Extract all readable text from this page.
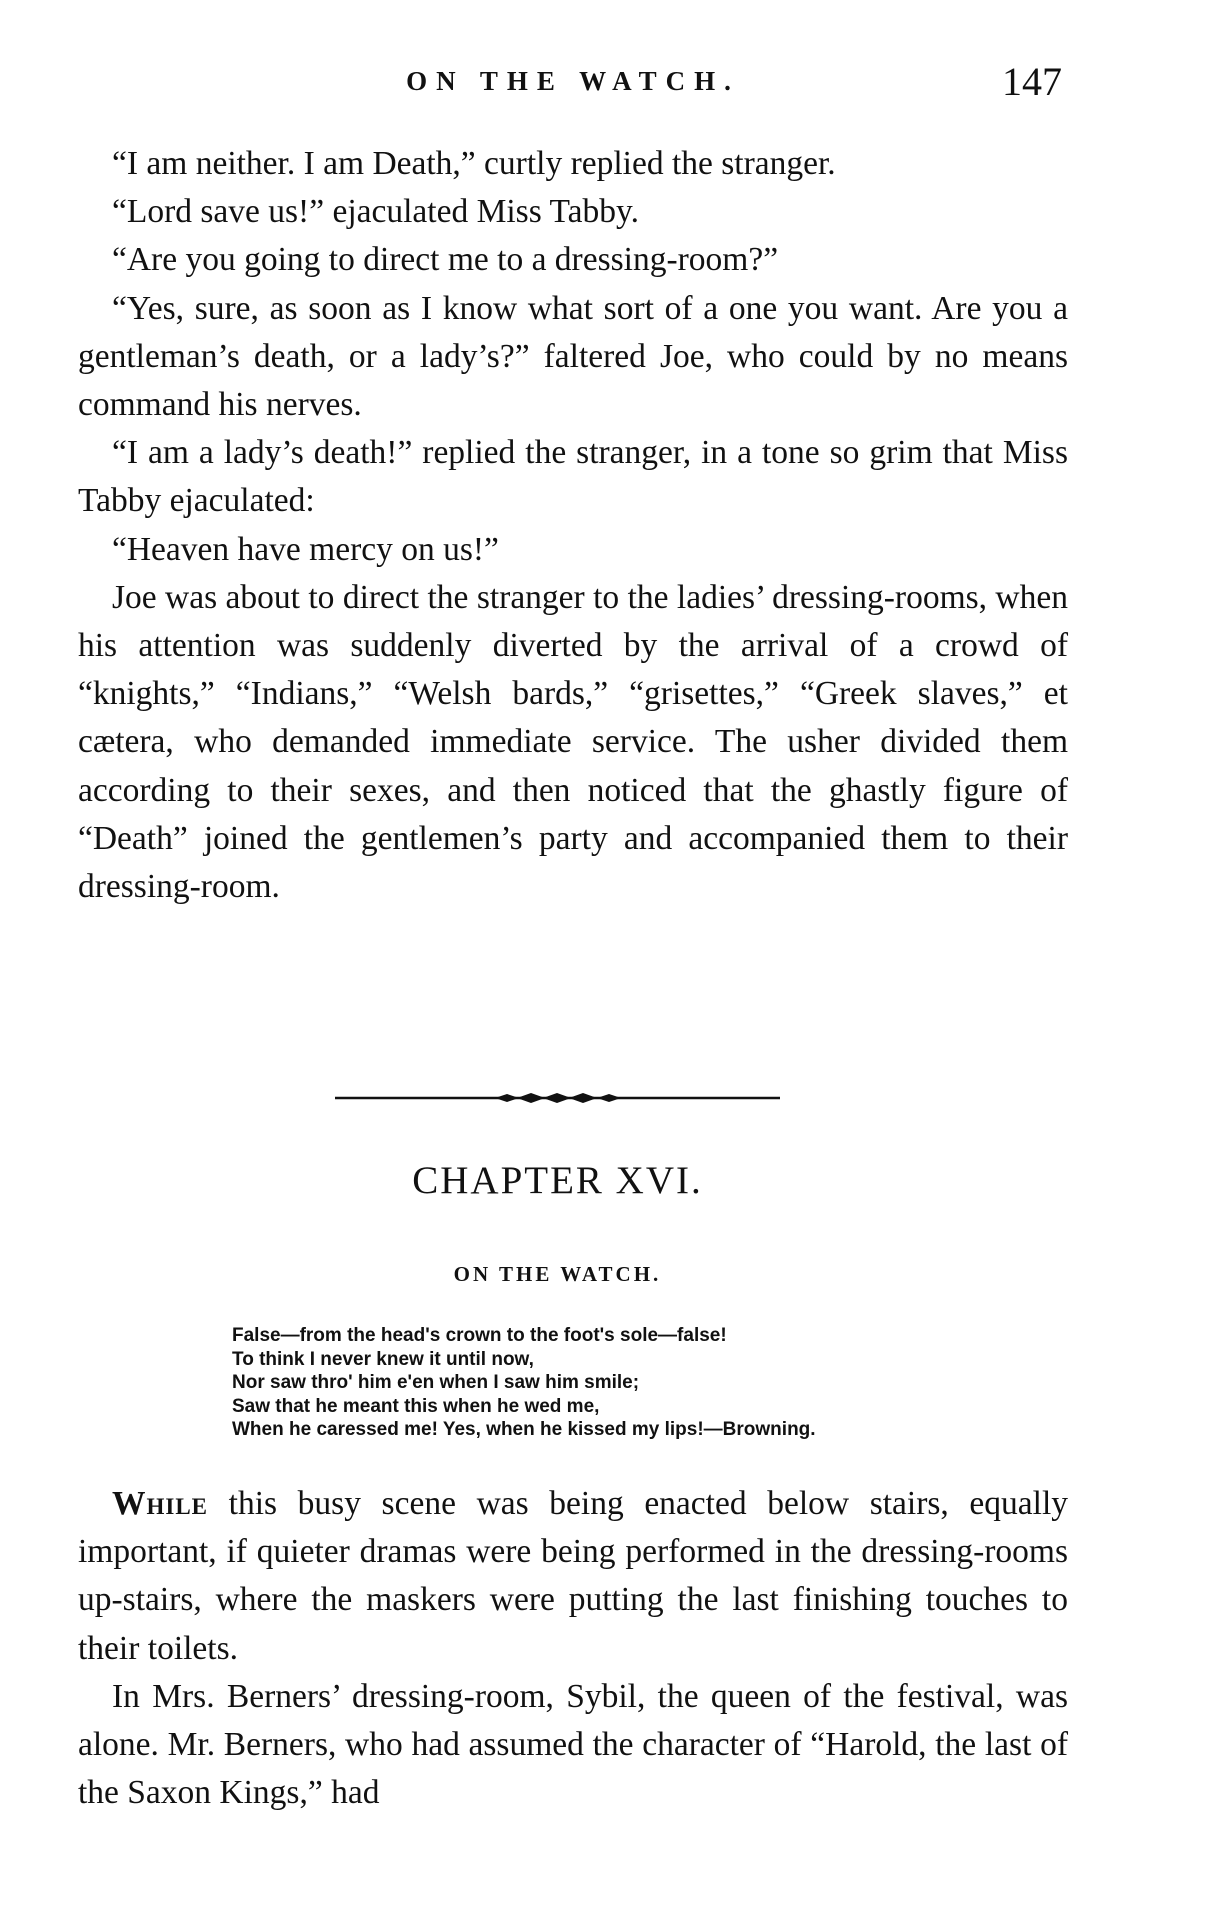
ON THE WATCH.	147

“I am neither. I am Death,” curtly replied the stranger.

“Lord save us!” ejaculated Miss Tabby.

“Are you going to direct me to a dressing-room?”

“Yes, sure, as soon as I know what sort of a one you want. Are you a gentleman’s death, or a lady’s?” faltered Joe, who could by no means command his nerves.

“I am a lady’s death!” replied the stranger, in a tone so grim that Miss Tabby ejaculated:

“Heaven have mercy on us!”

Joe was about to direct the stranger to the ladies’ dressing-rooms, when his attention was suddenly diverted by the arrival of a crowd of “knights,” “Indians,” “Welsh bards,” “grisettes,” “Greek slaves,” et cætera, who demanded immediate service. The usher divided them according to their sexes, and then noticed that the ghastly figure of “Death” joined the gentlemen’s party and accompanied them to their dressing-room.

CHAPTER XVI.
ON THE WATCH.
False—from the head's crown to the foot's sole—false!
To think I never knew it until now,
Nor saw thro' him e'en when I saw him smile;
Saw that he meant this when he wed me,
When he caressed me! Yes, when he kissed my lips!—Browning.

While this busy scene was being enacted below stairs, equally important, if quieter dramas were being performed in the dressing-rooms up-stairs, where the maskers were putting the last finishing touches to their toilets.

In Mrs. Berners’ dressing-room, Sybil, the queen of the festival, was alone. Mr. Berners, who had assumed the character of “Harold, the last of the Saxon Kings,” had
